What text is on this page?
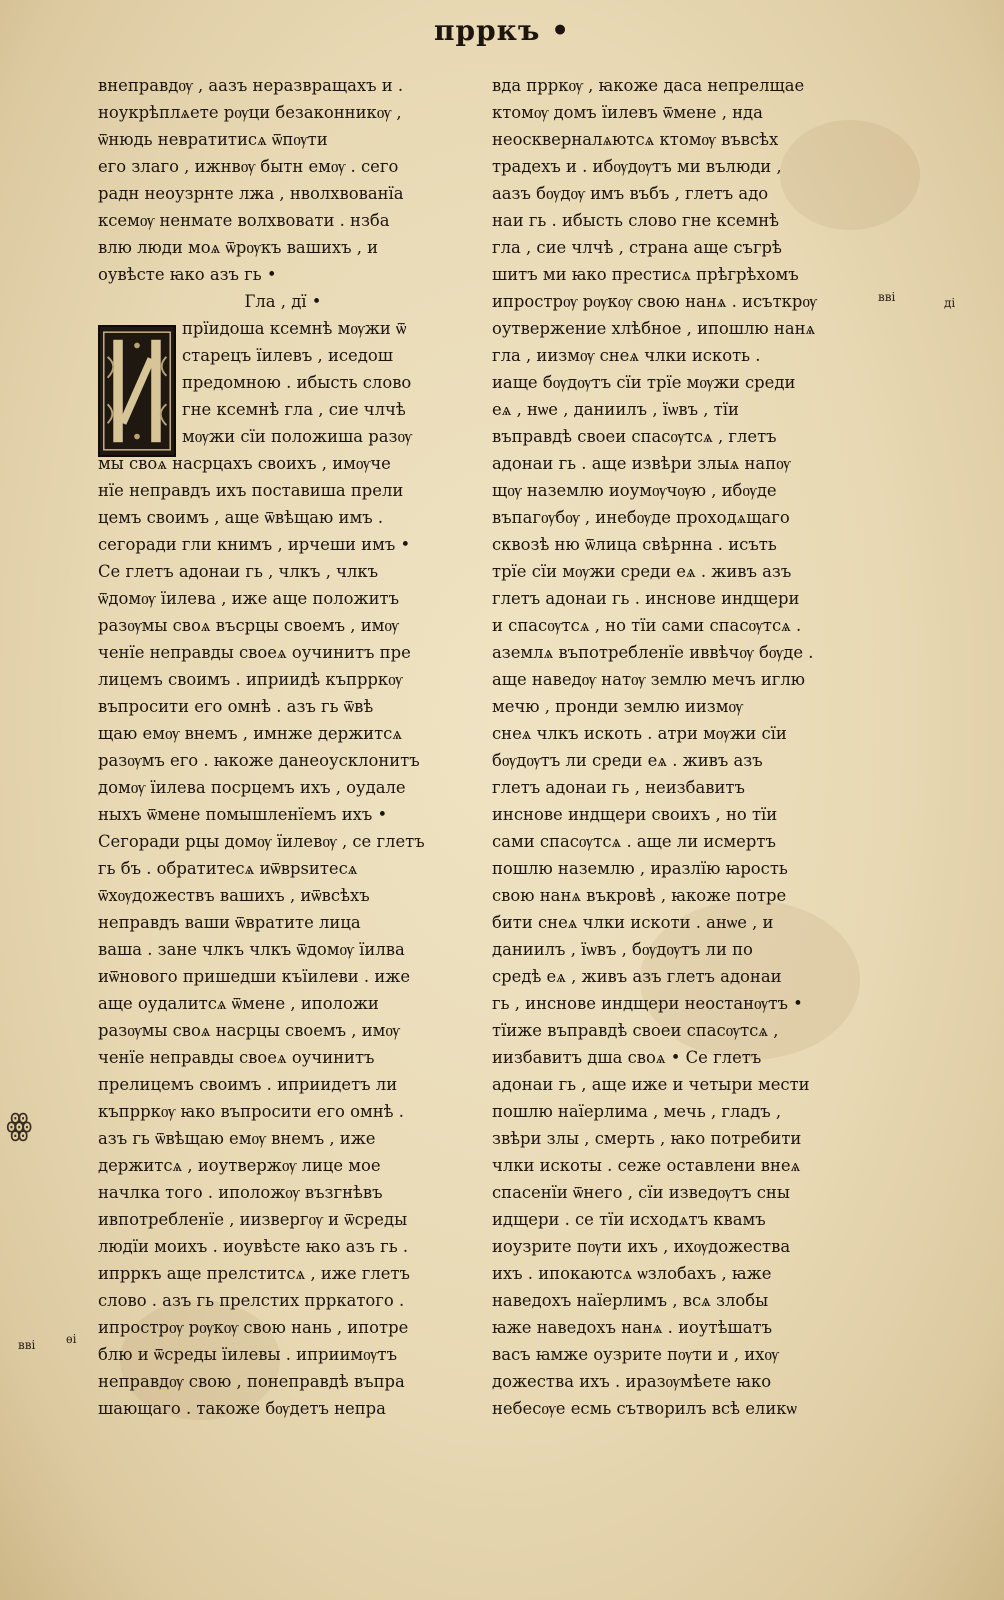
прркъ •
внеправдѹ , аазъ неразвращахъ и .
ноукрѣплѧете рѹци безаконникѹ ,
ѿнюдь невратитисѧ ѿпѹти
его злаго , ижнвѹ бытн емѹ . сего
радн неоузрнте лжа , нволхвованїа
ксемѹ ненмате волхвовати . нзба
влю люди моѧ ѿрѹкъ вашихъ , и
оувѣсте ꙗко азъ гь •
Гла , дї •
прїидоша ксемнѣ мѹжи ѿ
старецъ їилевъ , иседош
предомною . ибысть слово
гне ксемнѣ гла , сие члчѣ
мѹжи сїи положиша разѹ
мы своѧ насрцахъ своихъ , имѹче
нїе неправдъ ихъ поставиша прели
цемъ своимъ , аще ѿвѣщаю имъ .
сегоради гли книмъ , ирчеши имъ •
Се глетъ адонаи гь , члкъ , члкъ
ѿдомѹ їилева , иже аще положитъ
разѹмы своѧ въсрцы своемъ , имѹ
ченїе неправды своеѧ оучинитъ пре
лицемъ своимъ . иприидѣ къпрркѹ
въпросити его омнѣ . азъ гь ѿвѣ
щаю емѹ внемъ , имнже держитсѧ
разѹмъ его . ꙗкоже данеоусклонитъ
домѹ їилева посрцемъ ихъ , оудале
ныхъ ѿмене помышленїемъ ихъ •
Сегоради рцы домѹ їилевѹ , се глетъ
гь бъ . обратитесѧ иѿврѕитесѧ
ѿхѹдожествъ вашихъ , иѿвсѣхъ
неправдъ ваши ѿвратите лица
ваша . зане члкъ члкъ ѿдомѹ їилва
иѿнового пришедши къїилеви . иже
аще оудалитсѧ ѿмене , иположи
разѹмы своѧ насрцы своемъ , имѹ
ченїе неправды своеѧ оучинитъ
прелицемъ своимъ . иприидетъ ли
къпрркѹ ꙗко въпросити его омнѣ .
азъ гь ѿвѣщаю емѹ внемъ , иже
держитсѧ , иоутвержѹ лице мое
начлка того . иположѹ възгнѣвъ
ивпотребленїе , иизвергѹ и ѿсреды
людїи моихъ . иоувѣсте ꙗко азъ гь .
ипрркъ аще прелститсѧ , иже глетъ
слово . азъ гь прелстих прркатого .
ипрострѹ рѹкѹ свою нань , ипотре
блю и ѿсреды їилевы . иприимѹтъ
неправдѹ свою , понеправдѣ въпра
шающаго . такоже бѹдетъ непра
вда прркѹ , ꙗкоже даса непрелщае
ктомѹ домъ їилевъ ѿмене , нда
неоскверналѧютсѧ ктомѹ въвсѣх
традехъ и . ибѹдѹтъ ми вълюди ,
аазъ бѹдѹ имъ въбъ , глетъ адо
наи гь . ибысть слово гне ксемнѣ
гла , сие члчѣ , страна аще съгрѣ
шитъ ми ꙗко престисѧ прѣгрѣхомъ
ипрострѹ рѹкѹ свою нанѧ . исъткрѹ
оутвержение хлѣбное , ипошлю нанѧ
гла , иизмѹ снеѧ члки искоть .
иаще бѹдѹтъ сїи трїе мѹжи среди
еѧ , нѡе , даниилъ , їѡвъ , тїи
въправдѣ своеи спасѹтсѧ , глетъ
адонаи гь . аще извѣри злыѧ напѹ
щѹ наземлю иоумѹчѹю , ибѹде
въпагѹбѹ , инебѹде проходѧщаго
сквозѣ ню ѿлица свѣрнна . исъть
трїе сїи мѹжи среди еѧ . живъ азъ
глетъ адонаи гь . инснове индщери
и спасѹтсѧ , но тїи сами спасѹтсѧ .
аземлѧ въпотребленїе иввѣчѹ бѹде .
аще наведѹ натѹ землю мечъ иглю
мечю , пронди землю иизмѹ
снеѧ члкъ искоть . атри мѹжи сїи
бѹдѹтъ ли среди еѧ . живъ азъ
глетъ адонаи гь , неизбавитъ
инснове индщери своихъ , но тїи
сами спасѹтсѧ . аще ли исмертъ
пошлю наземлю , иразлїю ꙗрость
свою нанѧ въкровѣ , ꙗкоже потре
бити снеѧ члки искоти . анѡе , и
даниилъ , їѡвъ , бѹдѹтъ ли по
средѣ еѧ , живъ азъ глетъ адонаи
гь , инснове индщери неостанѹтъ •
тїиже въправдѣ своеи спасѹтсѧ ,
иизбавитъ дша своѧ • Се глетъ
адонаи гь , аще иже и четыри мести
пошлю наїерлима , мечь , гладъ ,
звѣри злы , смерть , ꙗко потребити
члки искоты . сеже оставлени внеѧ
спасенїи ѿнего , сїи изведѹтъ сны
идщери . се тїи исходѧтъ квамъ
иоузрите пѹти ихъ , ихѹдожества
ихъ . ипокаютсѧ ѡзлобахъ , ꙗже
наведохъ наїерлимъ , всѧ злобы
ꙗже наведохъ нанѧ . иоутѣшатъ
васъ ꙗмже оузрите пѹти и , ихѹ
дожества ихъ . иразѹмѣете ꙗко
небесѹе есмь сътворилъ всѣ еликѡ
вві	ді
вві	ѳі
ꙮ
